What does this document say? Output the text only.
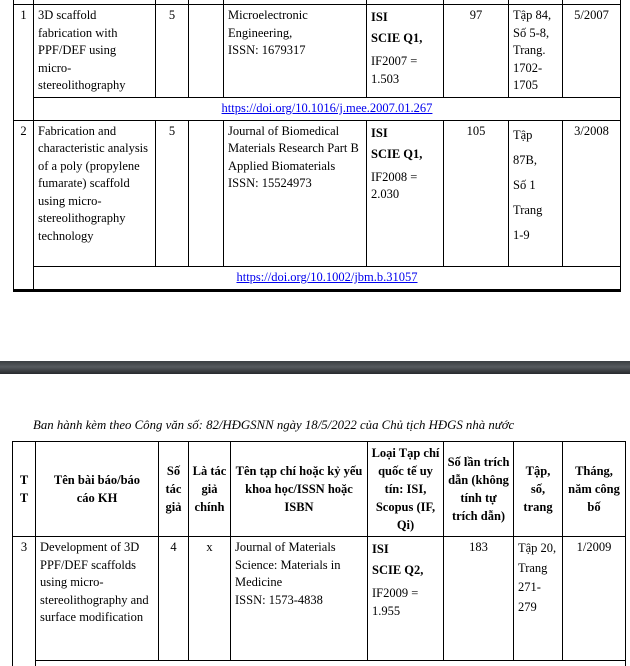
1	3D scaffold fabrication with PPF/DEF using micro-stereolithography	5		Microelectronic Engineering,
ISSN: 1679317

ISI
SCIE Q1,
IF2007 = 1.503
	97	Tập 84,
Số 5-8,
Trang.
1702-
1705
	5/2007
	https://doi.org/10.1016/j.mee.2007.01.267							
2	Fabrication and characteristic analysis of a poly (propylene fumarate) scaffold using micro-stereolithography technology	5		Journal of Biomedical Materials Research Part B Applied Biomaterials
ISSN: 15524973

ISI
SCIE Q1,
IF2008 = 2.030
	105	Tập
87B,
Số 1
Trang
1-9
	3/2008
	https://doi.org/10.1002/jbm.b.31057							
Ban hành kèm theo Công văn số: 82/HĐGSNN ngày 18/5/2022 của Chủ tịch HĐGS nhà nước
TT	Tên bài báo/báo cáo KH	Số tác giả	Là tác giả chính	Tên tạp chí hoặc kỷ yếu khoa học/ISSN hoặc ISBN	Loại Tạp chí quốc tế uy tín: ISI, Scopus (IF, Qi)	Số lần trích dẫn (không tính tự trích dẫn)	Tập, số, trang	Tháng, năm công bố

3	Development of 3D PPF/DEF scaffolds using micro-stereolithography and surface modification	4	x	Journal of Materials Science: Materials in Medicine
ISSN: 1573-4838

ISI
SCIE Q2,
IF2009 = 1.955
	183	Tập 20,
Trang
271-
279
	1/2009
